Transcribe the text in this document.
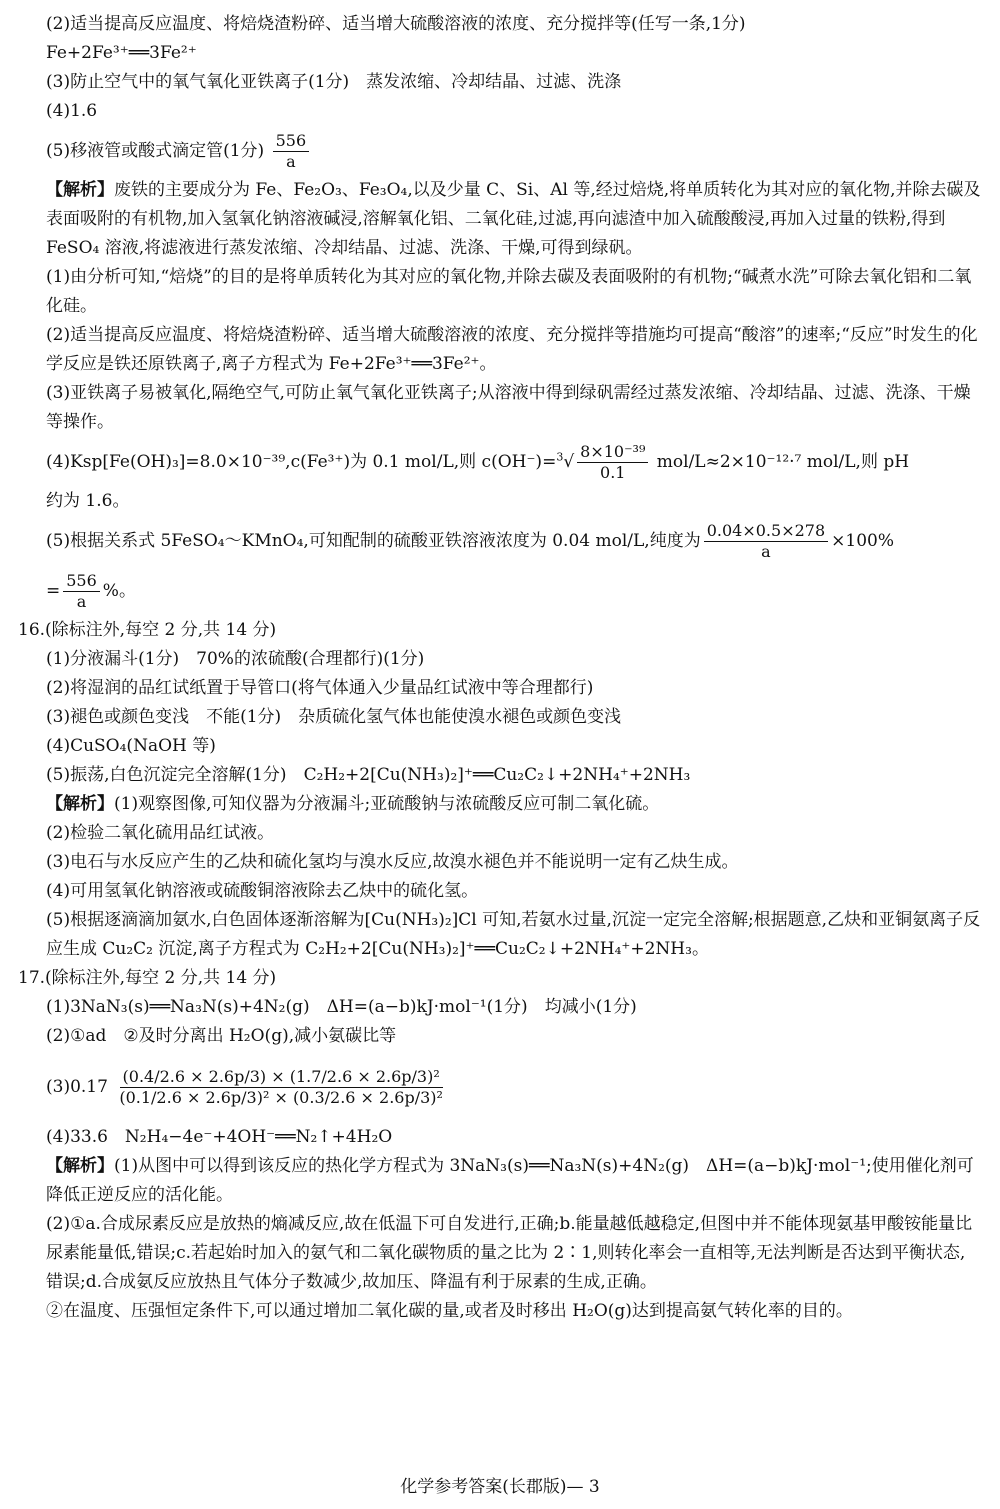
(2)适当提高反应温度、将焙烧渣粉碎、适当增大硫酸溶液的浓度、充分搅拌等(任写一条,1分)
Fe+2Fe³⁺══3Fe²⁺
(3)防止空气中的氧气氧化亚铁离子(1分)　蒸发浓缩、冷却结晶、过滤、洗涤
(4)1.6
(5)移液管或酸式滴定管(1分) $\frac{556}{a}$
【解析】废铁的主要成分为 Fe、Fe₂O₃、Fe₃O₄,以及少量 C、Si、Al 等,经过焙烧,将单质转化为其对应的氧化物,并除去碳及表面吸附的有机物,加入氢氧化钠溶液碱浸,溶解氧化铝、二氧化硅,过滤,再向滤渣中加入硫酸酸浸,再加入过量的铁粉,得到 FeSO₄ 溶液,将滤液进行蒸发浓缩、冷却结晶、过滤、洗涤、干燥,可得到绿矾。
(1)由分析可知,“焙烧”的目的是将单质转化为其对应的氧化物,并除去碳及表面吸附的有机物;“碱煮水洗”可除去氧化铝和二氧化硅。
(2)适当提高反应温度、将焙烧渣粉碎、适当增大硫酸溶液的浓度、充分搅拌等措施均可提高“酸溶”的速率;“反应”时发生的化学反应是铁还原铁离子,离子方程式为 Fe+2Fe³⁺══3Fe²⁺。
(3)亚铁离子易被氧化,隔绝空气,可防止氧气氧化亚铁离子;从溶液中得到绿矾需经过蒸发浓缩、冷却结晶、过滤、洗涤、干燥等操作。
(4)Ksp[Fe(OH)₃]=8.0×10⁻³⁹,c(Fe³⁺)为 0.1 mol/L,则 $c(OH^-)=^3√ \frac{\text{8×10⁻³⁹}}{0.1} mol/L\approx 2\times 10^{-12}\cdot^7$ mol/L,则 pH
约为 1.6。
(5)根据关系式 5FeSO₄～KMnO₄,可知配制的硫酸亚铁溶液浓度为 0.04 mol/L,纯度为 $\frac{0.04\times 0.5\times 278}{a} \times 100\%$
= $\frac{556}{a}$ %。
16.(除标注外,每空 2 分,共 14 分)
(1)分液漏斗(1分)　70%的浓硫酸(合理都行)(1分)
(2)将湿润的品红试纸置于导管口(将气体通入少量品红试液中等合理都行)
(3)褪色或颜色变浅　不能(1分)　杂质硫化氢气体也能使溴水褪色或颜色变浅
(4)CuSO₄(NaOH 等)
(5)振荡,白色沉淀完全溶解(1分)　C₂H₂+2[Cu(NH₃)₂]⁺══Cu₂C₂↓+2NH₄⁺+2NH₃
【解析】(1)观察图像,可知仪器为分液漏斗;亚硫酸钠与浓硫酸反应可制二氧化硫。
(2)检验二氧化硫用品红试液。
(3)电石与水反应产生的乙炔和硫化氢均与溴水反应,故溴水褪色并不能说明一定有乙炔生成。
(4)可用氢氧化钠溶液或硫酸铜溶液除去乙炔中的硫化氢。
(5)根据逐滴滴加氨水,白色固体逐渐溶解为[Cu(NH₃)₂]Cl 可知,若氨水过量,沉淀一定完全溶解;根据题意,乙炔和亚铜氨离子反应生成 Cu₂C₂ 沉淀,离子方程式为 C₂H₂+2[Cu(NH₃)₂]⁺══Cu₂C₂↓+2NH₄⁺+2NH₃。
17.(除标注外,每空 2 分,共 14 分)
(1)3NaN₃(s)══Na₃N(s)+4N₂(g)　ΔH=(a−b)kJ·mol⁻¹(1分)　均减小(1分)
(2)①ad　②及时分离出 H₂O(g),减小氨碳比等
$(3)0.17 \frac{\text{(0.4/2.6 × 2.6p/3) × (1.7/2.6 × 2.6p/3)²}}{\text{(0.1/2.6 × 2.6p/3)² × (0.3/2.6 × 2.6p/3)²}}$
(4)33.6　N₂H₄−4e⁻+4OH⁻══N₂↑+4H₂O
【解析】(1)从图中可以得到该反应的热化学方程式为 3NaN₃(s)══Na₃N(s)+4N₂(g)　ΔH=(a−b)kJ·mol⁻¹;使用催化剂可降低正逆反应的活化能。
(2)①a.合成尿素反应是放热的熵减反应,故在低温下可自发进行,正确;b.能量越低越稳定,但图中并不能体现氨基甲酸铵能量比尿素能量低,错误;c.若起始时加入的氨气和二氧化碳物质的量之比为 2∶1,则转化率会一直相等,无法判断是否达到平衡状态,错误;d.合成氨反应放热且气体分子数减少,故加压、降温有利于尿素的生成,正确。
②在温度、压强恒定条件下,可以通过增加二氧化碳的量,或者及时移出 H₂O(g)达到提高氨气转化率的目的。
化学参考答案(长郡版)— 3
